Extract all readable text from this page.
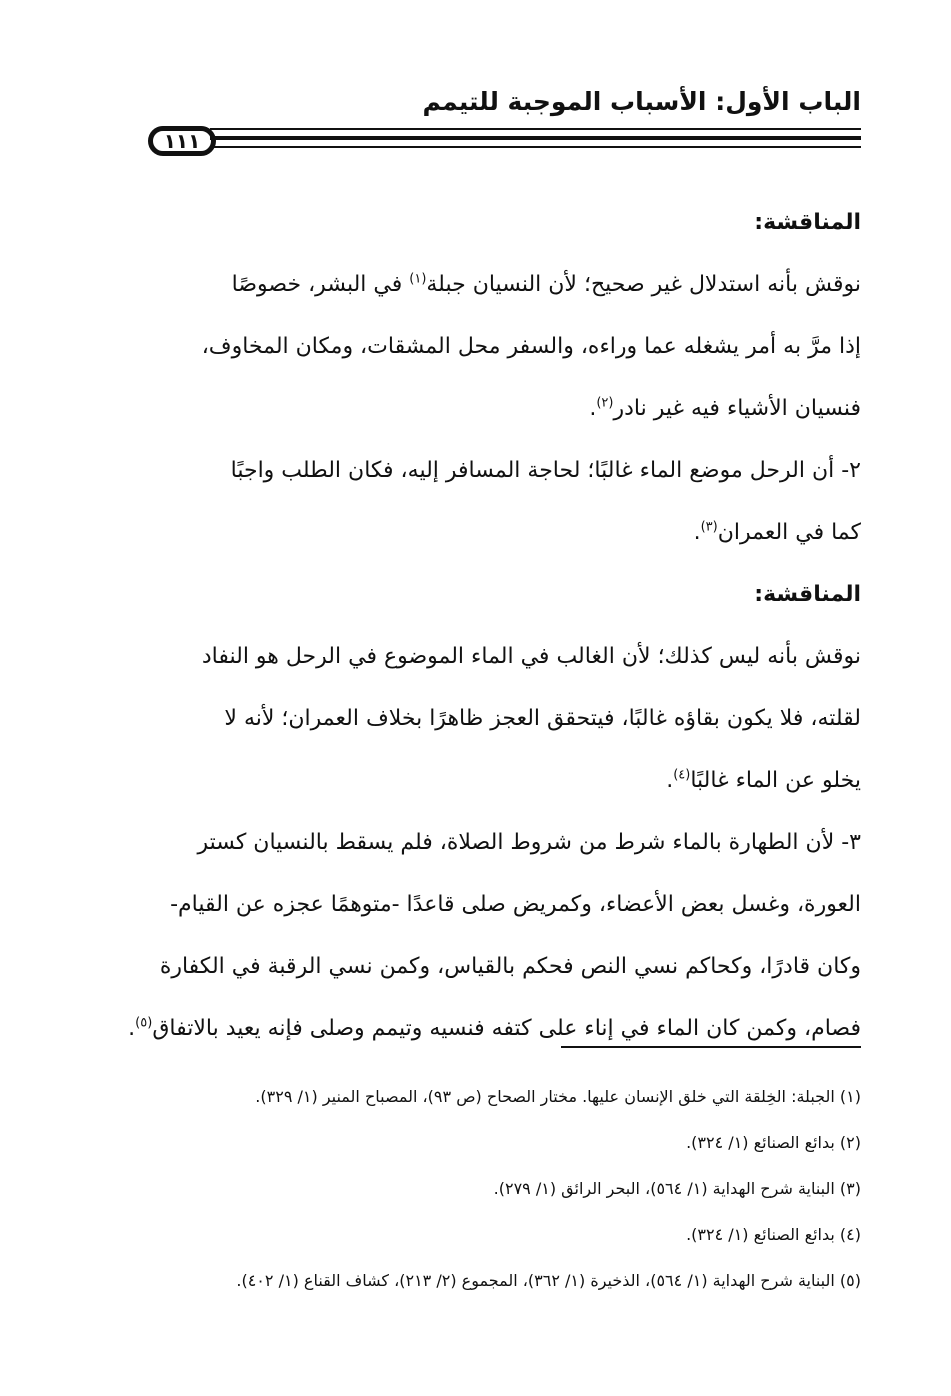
الباب الأول: الأسباب الموجبة للتيمم
١١١
المناقشة:
نوقش بأنه استدلال غير صحيح؛ لأن النسيان جبلة$^{(١)}$ في البشر، خصوصًا
إذا مرَّ به أمر يشغله عما وراءه، والسفر محل المشقات، ومكان المخاوف،
فنسيان الأشياء فيه غير نادر$^{(٢)}$.
٢- أن الرحل موضع الماء غالبًا؛ لحاجة المسافر إليه، فكان الطلب واجبًا
كما في العمران$^{(٣)}$.
المناقشة:
نوقش بأنه ليس كذلك؛ لأن الغالب في الماء الموضوع في الرحل هو النفاد
لقلته، فلا يكون بقاؤه غالبًا، فيتحقق العجز ظاهرًا بخلاف العمران؛ لأنه لا
يخلو عن الماء غالبًا$^{(٤)}$.
٣- لأن الطهارة بالماء شرط من شروط الصلاة، فلم يسقط بالنسيان كستر
العورة، وغسل بعض الأعضاء، وكمريض صلى قاعدًا -متوهمًا عجزه عن القيام-
وكان قادرًا، وكحاكم نسي النص فحكم بالقياس، وكمن نسي الرقبة في الكفارة
فصام، وكمن كان الماء في إناء على كتفه فنسيه وتيمم وصلى فإنه يعيد بالاتفاق$^{(٥)}$.
(١) الجبلة: الخِلقة التي خلق الإنسان عليها. مختار الصحاح (ص ٩٣)، المصباح المنير (١/ ٣٢٩).
(٢) بدائع الصنائع (١/ ٣٢٤).
(٣) البناية شرح الهداية (١/ ٥٦٤)، البحر الرائق (١/ ٢٧٩).
(٤) بدائع الصنائع (١/ ٣٢٤).
(٥) البناية شرح الهداية (١/ ٥٦٤)، الذخيرة (١/ ٣٦٢)، المجموع (٢/ ٢١٣)، كشاف القناع (١/ ٤٠٢).
